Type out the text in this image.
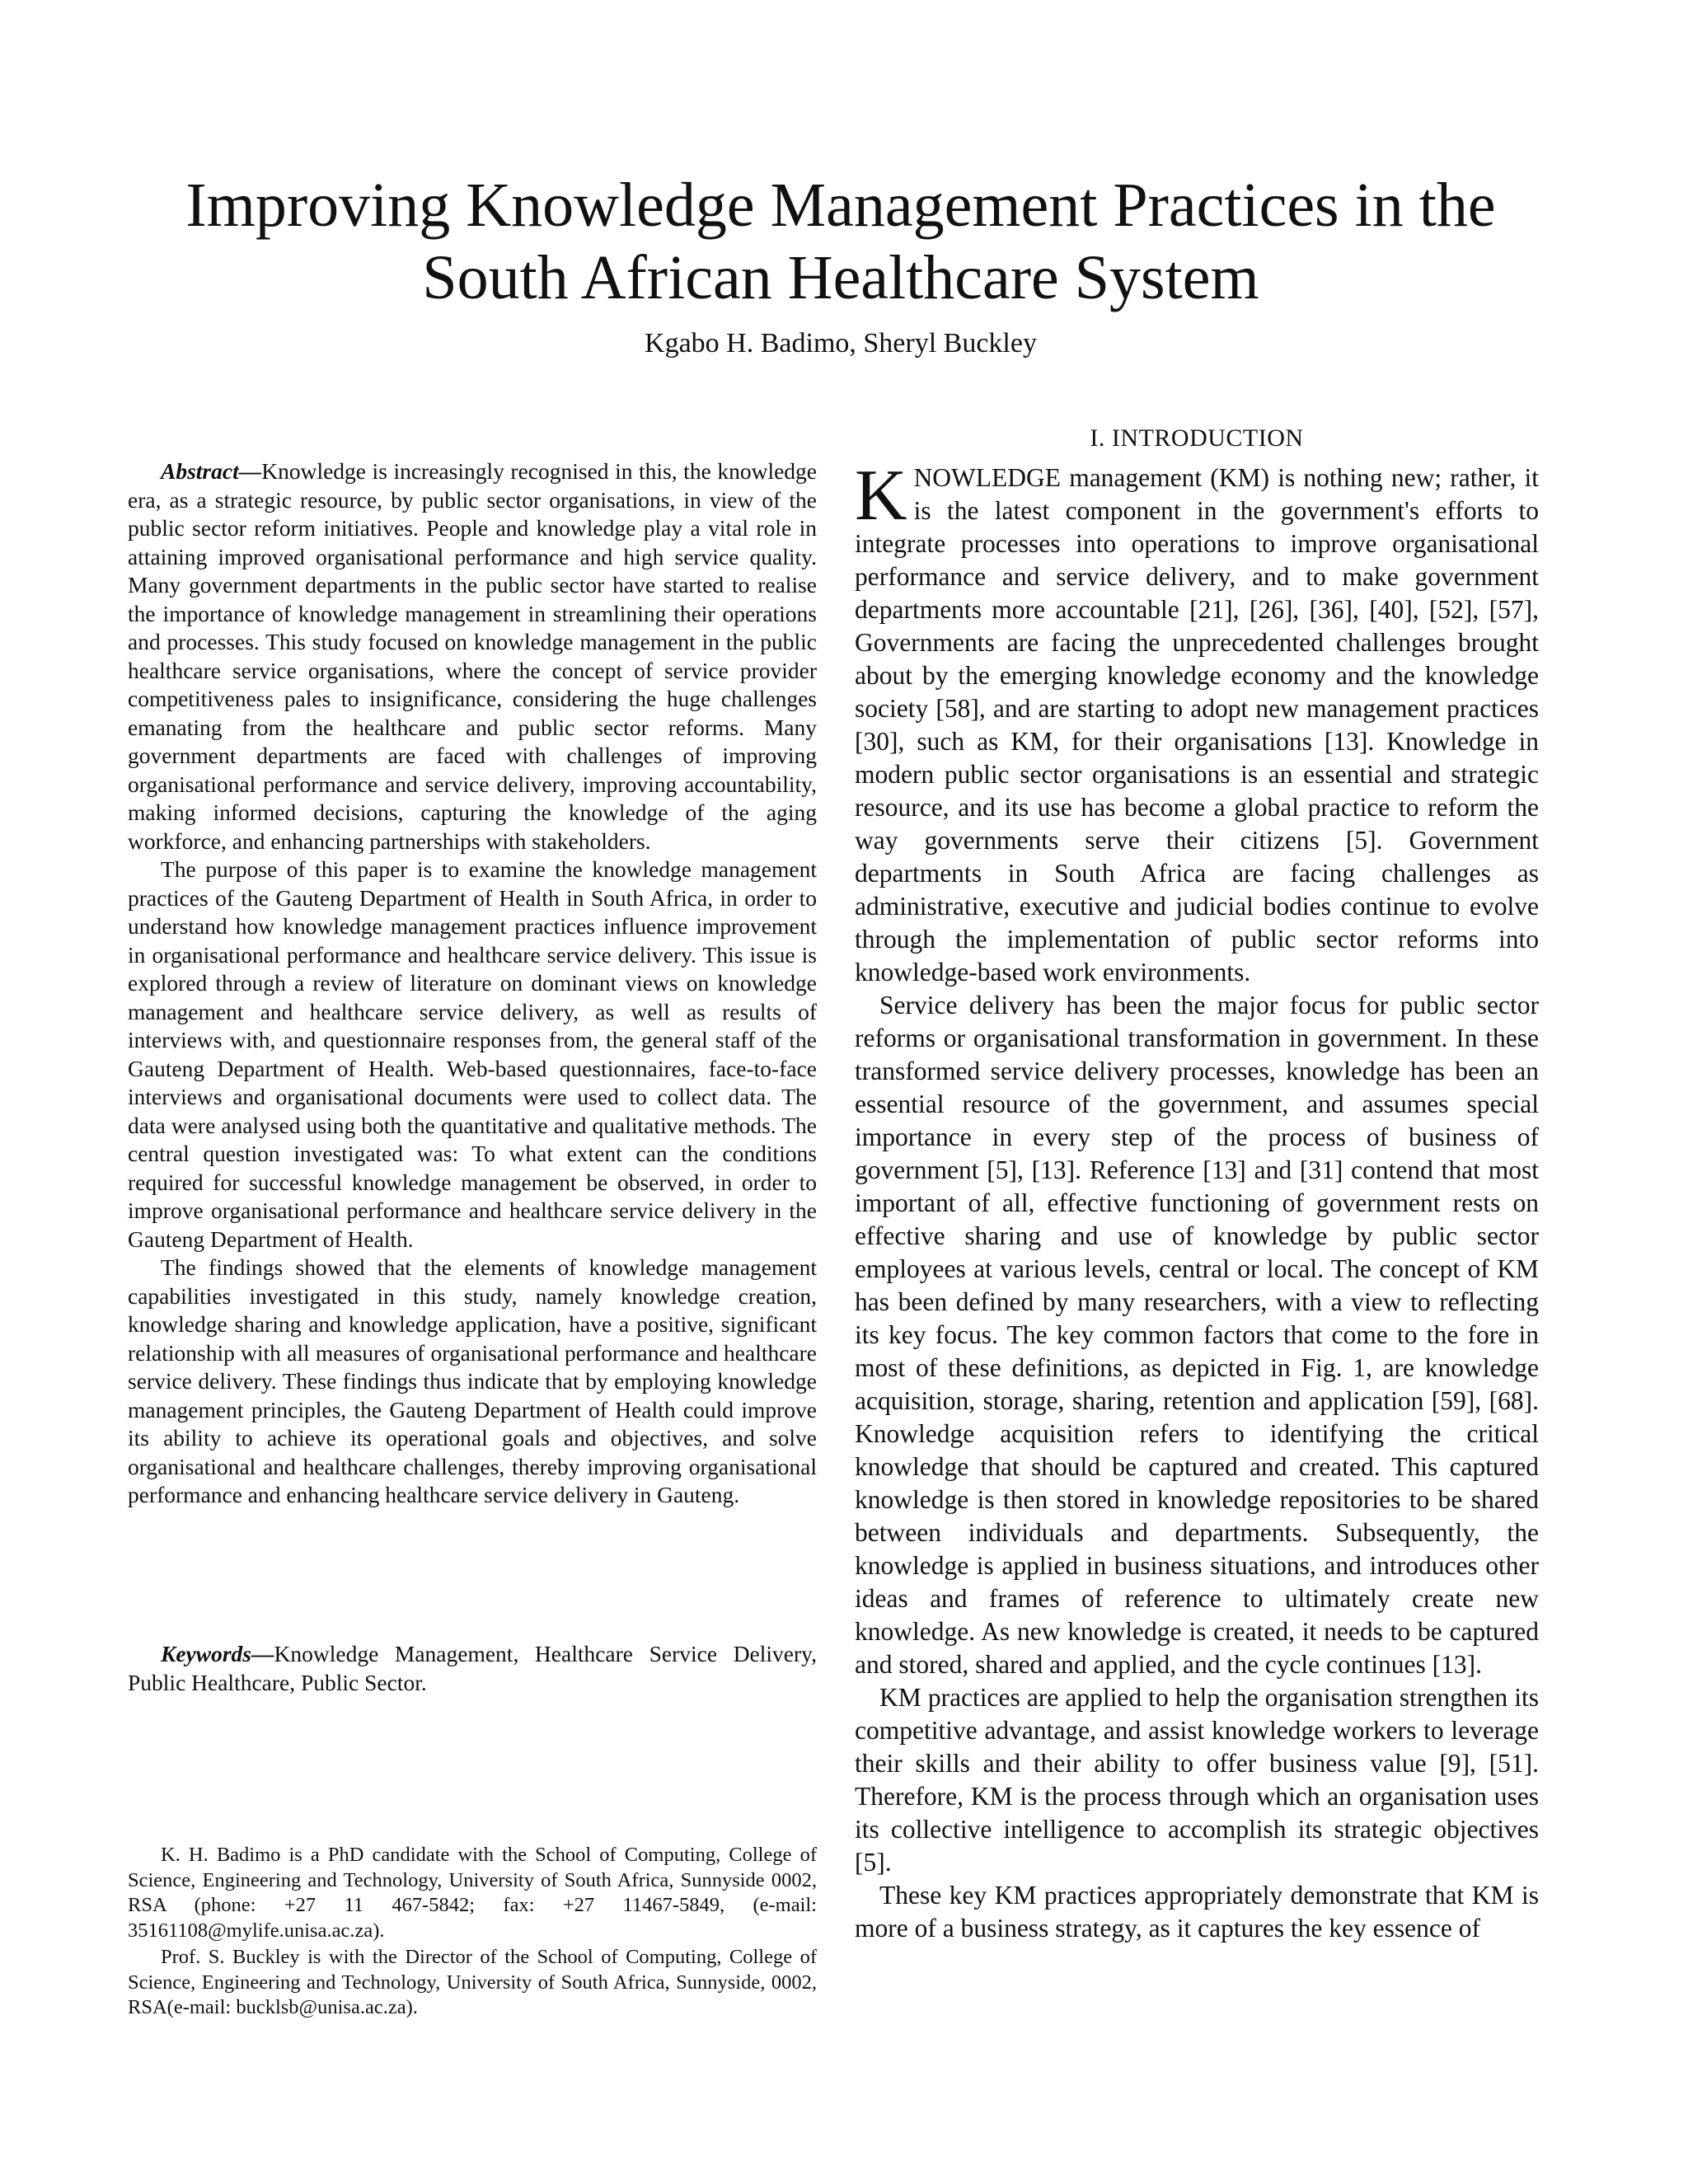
Improving Knowledge Management Practices in the
South African Healthcare System

Kgabo H. Badimo, Sheryl Buckley

Abstract—Knowledge is increasingly recognised in this, the knowledge era, as a strategic resource, by public sector organisations, in view of the public sector reform initiatives. People and knowledge play a vital role in attaining improved organisational performance and high service quality. Many government departments in the public sector have started to realise the importance of knowledge management in streamlining their operations and processes. This study focused on knowledge management in the public healthcare service organisations, where the concept of service provider competitiveness pales to insignificance, considering the huge challenges emanating from the healthcare and public sector reforms. Many government departments are faced with challenges of improving organisational performance and service delivery, improving accountability, making informed decisions, capturing the knowledge of the aging workforce, and enhancing partnerships with stakeholders.

The purpose of this paper is to examine the knowledge management practices of the Gauteng Department of Health in South Africa, in order to understand how knowledge management practices influence improvement in organisational performance and healthcare service delivery. This issue is explored through a review of literature on dominant views on knowledge management and healthcare service delivery, as well as results of interviews with, and questionnaire responses from, the general staff of the Gauteng Department of Health. Web-based questionnaires, face-to-face interviews and organisational documents were used to collect data. The data were analysed using both the quantitative and qualitative methods. The central question investigated was: To what extent can the conditions required for successful knowledge management be observed, in order to improve organisational performance and healthcare service delivery in the Gauteng Department of Health.

The findings showed that the elements of knowledge management capabilities investigated in this study, namely knowledge creation, knowledge sharing and knowledge application, have a positive, significant relationship with all measures of organisational performance and healthcare service delivery. These findings thus indicate that by employing knowledge management principles, the Gauteng Department of Health could improve its ability to achieve its operational goals and objectives, and solve organisational and healthcare challenges, thereby improving organisational performance and enhancing healthcare service delivery in Gauteng.

Keywords—Knowledge Management, Healthcare Service Delivery, Public Healthcare, Public Sector.

K. H. Badimo is a PhD candidate with the School of Computing, College of Science, Engineering and Technology, University of South Africa, Sunnyside 0002, RSA (phone: +27 11 467-5842; fax: +27 11467-5849, (e-mail: 35161108@mylife.unisa.ac.za).

Prof. S. Buckley is with the Director of the School of Computing, College of Science, Engineering and Technology, University of South Africa, Sunnyside, 0002, RSA(e-mail: bucklsb@unisa.ac.za).

I. INTRODUCTION

KNOWLEDGE management (KM) is nothing new; rather, it is the latest component in the government's efforts to integrate processes into operations to improve organisational performance and service delivery, and to make government departments more accountable [21], [26], [36], [40], [52], [57], Governments are facing the unprecedented challenges brought about by the emerging knowledge economy and the knowledge society [58], and are starting to adopt new management practices [30], such as KM, for their organisations [13]. Knowledge in modern public sector organisations is an essential and strategic resource, and its use has become a global practice to reform the way governments serve their citizens [5]. Government departments in South Africa are facing challenges as administrative, executive and judicial bodies continue to evolve through the implementation of public sector reforms into knowledge-based work environments.

Service delivery has been the major focus for public sector reforms or organisational transformation in government. In these transformed service delivery processes, knowledge has been an essential resource of the government, and assumes special importance in every step of the process of business of government [5], [13]. Reference [13] and [31] contend that most important of all, effective functioning of government rests on effective sharing and use of knowledge by public sector employees at various levels, central or local. The concept of KM has been defined by many researchers, with a view to reflecting its key focus. The key common factors that come to the fore in most of these definitions, as depicted in Fig. 1, are knowledge acquisition, storage, sharing, retention and application [59], [68]. Knowledge acquisition refers to identifying the critical knowledge that should be captured and created. This captured knowledge is then stored in knowledge repositories to be shared between individuals and departments. Subsequently, the knowledge is applied in business situations, and introduces other ideas and frames of reference to ultimately create new knowledge. As new knowledge is created, it needs to be captured and stored, shared and applied, and the cycle continues [13].

KM practices are applied to help the organisation strengthen its competitive advantage, and assist knowledge workers to leverage their skills and their ability to offer business value [9], [51]. Therefore, KM is the process through which an organisation uses its collective intelligence to accomplish its strategic objectives [5].

These key KM practices appropriately demonstrate that KM is more of a business strategy, as it captures the key essence of
